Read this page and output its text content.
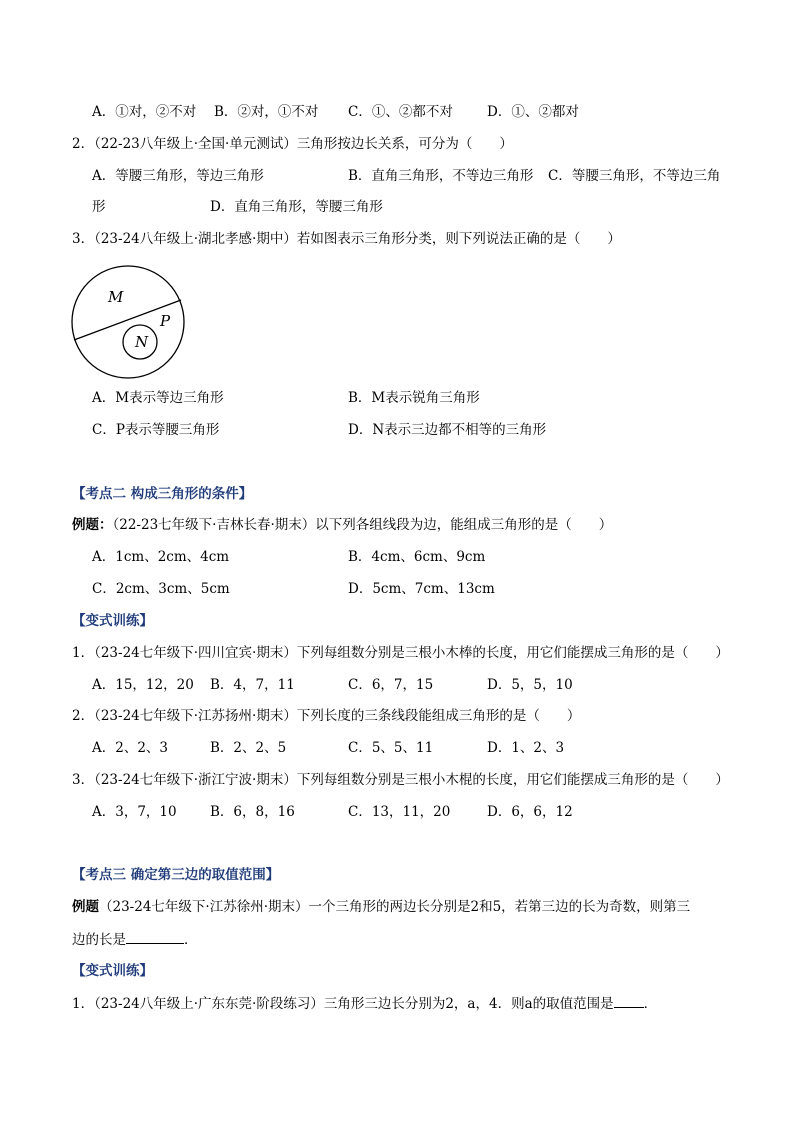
A．①对，②不对 B．②对，①不对 C．①、②都不对	D．①、②都对
2．（22-23八年级上·全国·单元测试）三角形按边长关系，可分为（　　）
A．等腰三角形，等边三角形	B．直角三角形，不等边三角形 C．等腰三角形，不等边三角
形	D．直角三角形，等腰三角形
3．（23-24八年级上·湖北孝感·期中）若如图表示三角形分类，则下列说法正确的是（　　）
M
P
N
A．M表示等边三角形	B．M表示锐角三角形
C．P表示等腰三角形	D．N表示三边都不相等的三角形
【考点二 构成三角形的条件】
例题：（22-23七年级下·吉林长春·期末）以下列各组线段为边，能组成三角形的是（　　）
A．1cm、2cm、4cm	B．4cm、6cm、9cm
C．2cm、3cm、5cm	D．5cm、7cm、13cm
【变式训练】
1．（23-24七年级下·四川宜宾·期末）下列每组数分别是三根小木棒的长度，用它们能摆成三角形的是（　　）
A．15，12，20 B．4，7，11	C．6，7，15	D．5，5，10
2．（23-24七年级下·江苏扬州·期末）下列长度的三条线段能组成三角形的是（　　）
A．2、2、3	B．2、2、5	C．5、5、11	D．1、2、3
3．（23-24七年级下·浙江宁波·期末）下列每组数分别是三根小木棍的长度，用它们能摆成三角形的是（　　）
A．3，7，10 B．6，8，16	C．13，11，20	D．6，6，12
【考点三 确定第三边的取值范围】
例题（23-24七年级下·江苏徐州·期末）一个三角形的两边长分别是2和5，若第三边的长为奇数，则第三
边的长是	．
【变式训练】
1．（23-24八年级上·广东东莞·阶段练习）三角形三边长分别为2，a，4．则a的取值范围是 ．
